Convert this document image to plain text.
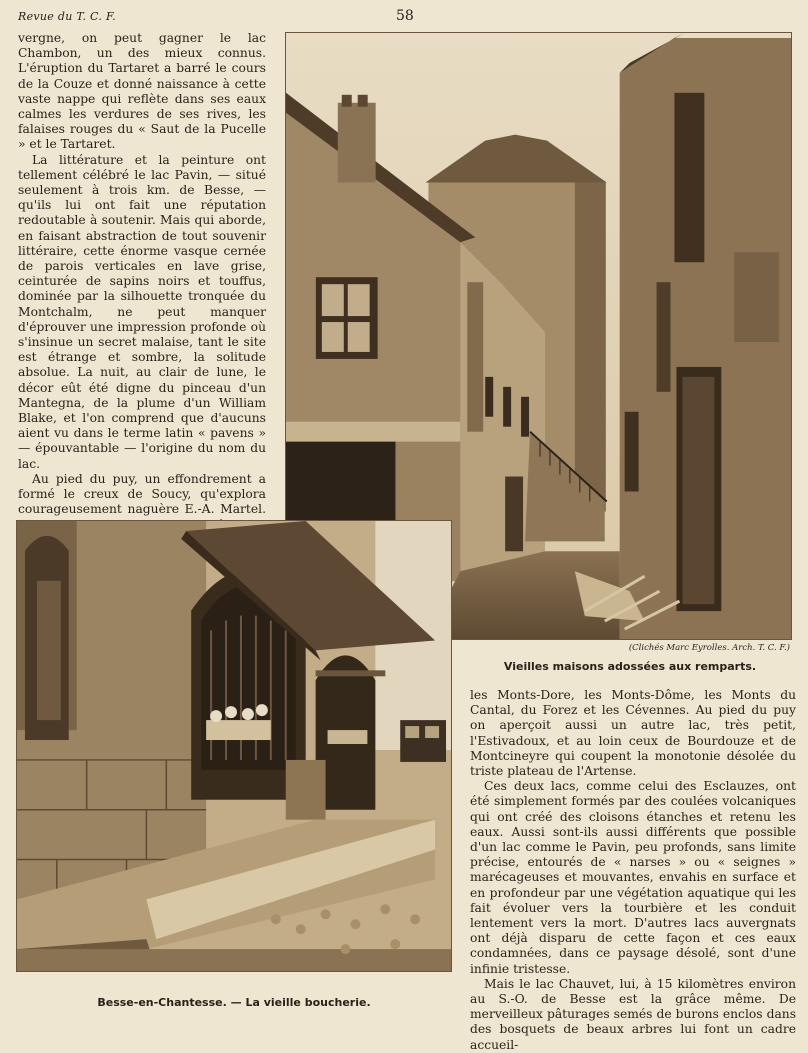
Revue du T. C. F.	58

vergne, on peut gagner le lac Chambon, un des mieux connus. L'éruption du Tartaret a barré le cours de la Couze et donné naissance à cette vaste nappe qui reflète dans ses eaux calmes les verdures de ses rives, les falaises rouges du « Saut de la Pucelle » et le Tartaret.

La littérature et la peinture ont tellement célébré le lac Pavin, — situé seulement à trois km. de Besse, — qu'ils lui ont fait une réputation redoutable à soutenir. Mais qui aborde, en faisant abstraction de tout souvenir littéraire, cette énorme vasque cernée de parois verticales en lave grise, ceinturée de sapins noirs et touffus, dominée par la silhouette tronquée du Montchalm, ne peut manquer d'éprouver une impression profonde où s'insinue un secret malaise, tant le site est étrange et sombre, la solitude absolue. La nuit, au clair de lune, le décor eût été digne du pinceau d'un Mantegna, de la plume d'un William Blake, et l'on comprend que d'aucuns aient vu dans le terme latin « pavens » — épouvantable — l'origine du nom du lac.

Au pied du puy, un effondrement a formé le creux de Soucy, qu'explora courageusement naguère E.-A. Martel.

(Clichés Marc Eyrolles. Arch. T. C. F.)
Vieilles maisons adossées aux remparts.
Besse-en-Chantesse. — La vieille boucherie.

les Monts-Dore, les Monts-Dôme, les Monts du Cantal, du Forez et les Cévennes. Au pied du puy on aperçoit aussi un autre lac, très petit, l'Estivadoux, et au loin ceux de Bourdouze et de Montcineyre qui coupent la monotonie désolée du triste plateau de l'Artense.

Ces deux lacs, comme celui des Esclauzes, ont été simplement formés par des coulées volcaniques qui ont créé des cloisons étanches et retenu les eaux. Aussi sont-ils aussi différents que possible d'un lac comme le Pavin, peu profonds, sans limite précise, entourés de « narses » ou « seignes » marécageuses et mouvantes, envahis en surface et en profondeur par une végétation aquatique qui les fait évoluer vers la tourbière et les conduit lentement vers la mort. D'autres lacs auvergnats ont déjà disparu de cette façon et ces eaux condamnées, dans ce paysage désolé, sont d'une infinie tristesse.

Mais le lac Chauvet, lui, à 15 kilomètres environ au S.-O. de Besse est la grâce même. De merveilleux pâturages semés de burons enclos dans des bosquets de beaux arbres lui font un cadre accueil-
